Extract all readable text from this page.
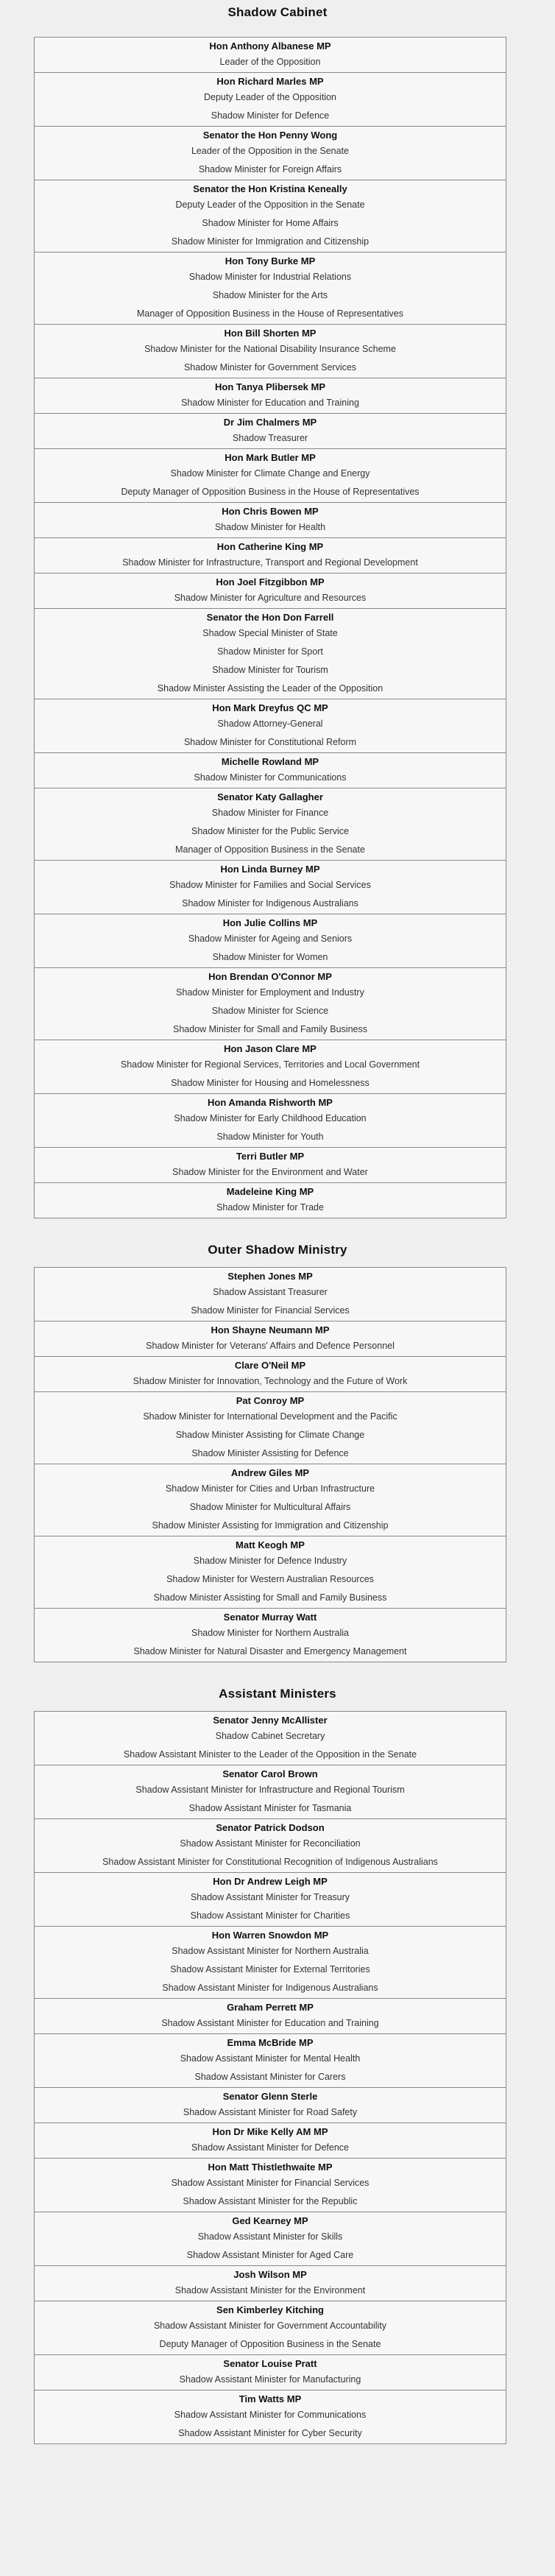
Shadow Cabinet
Hon Anthony Albanese MP
Leader of the Opposition

Hon Richard Marles MP
Deputy Leader of the Opposition
Shadow Minister for Defence

Senator the Hon Penny Wong
Leader of the Opposition in the Senate
Shadow Minister for Foreign Affairs

Senator the Hon Kristina Keneally
Deputy Leader of the Opposition in the Senate
Shadow Minister for Home Affairs
Shadow Minister for Immigration and Citizenship

Hon Tony Burke MP
Shadow Minister for Industrial Relations
Shadow Minister for the Arts
Manager of Opposition Business in the House of Representatives

Hon Bill Shorten MP
Shadow Minister for the National Disability Insurance Scheme
Shadow Minister for Government Services

Hon Tanya Plibersek MP
Shadow Minister for Education and Training

Dr Jim Chalmers MP
Shadow Treasurer

Hon Mark Butler MP
Shadow Minister for Climate Change and Energy
Deputy Manager of Opposition Business in the House of Representatives

Hon Chris Bowen MP
Shadow Minister for Health

Hon Catherine King MP
Shadow Minister for Infrastructure, Transport and Regional Development

Hon Joel Fitzgibbon MP
Shadow Minister for Agriculture and Resources

Senator the Hon Don Farrell
Shadow Special Minister of State
Shadow Minister for Sport
Shadow Minister for Tourism
Shadow Minister Assisting the Leader of the Opposition

Hon Mark Dreyfus QC MP
Shadow Attorney-General
Shadow Minister for Constitutional Reform

Michelle Rowland MP
Shadow Minister for Communications

Senator Katy Gallagher
Shadow Minister for Finance
Shadow Minister for the Public Service
Manager of Opposition Business in the Senate

Hon Linda Burney MP
Shadow Minister for Families and Social Services
Shadow Minister for Indigenous Australians

Hon Julie Collins MP
Shadow Minister for Ageing and Seniors
Shadow Minister for Women

Hon Brendan O'Connor MP
Shadow Minister for Employment and Industry
Shadow Minister for Science
Shadow Minister for Small and Family Business

Hon Jason Clare MP
Shadow Minister for Regional Services, Territories and Local Government
Shadow Minister for Housing and Homelessness

Hon Amanda Rishworth MP
Shadow Minister for Early Childhood Education
Shadow Minister for Youth

Terri Butler MP
Shadow Minister for the Environment and Water

Madeleine King MP
Shadow Minister for Trade
Outer Shadow Ministry
Stephen Jones MP
Shadow Assistant Treasurer
Shadow Minister for Financial Services

Hon Shayne Neumann MP
Shadow Minister for Veterans' Affairs and Defence Personnel

Clare O'Neil MP
Shadow Minister for Innovation, Technology and the Future of Work

Pat Conroy MP
Shadow Minister for International Development and the Pacific
Shadow Minister Assisting for Climate Change
Shadow Minister Assisting for Defence

Andrew Giles MP
Shadow Minister for Cities and Urban Infrastructure
Shadow Minister for Multicultural Affairs
Shadow Minister Assisting for Immigration and Citizenship

Matt Keogh MP
Shadow Minister for Defence Industry
Shadow Minister for Western Australian Resources
Shadow Minister Assisting for Small and Family Business

Senator Murray Watt
Shadow Minister for Northern Australia
Shadow Minister for Natural Disaster and Emergency Management
Assistant Ministers
Senator Jenny McAllister
Shadow Cabinet Secretary
Shadow Assistant Minister to the Leader of the Opposition in the Senate

Senator Carol Brown
Shadow Assistant Minister for Infrastructure and Regional Tourism
Shadow Assistant Minister for Tasmania

Senator Patrick Dodson
Shadow Assistant Minister for Reconciliation
Shadow Assistant Minister for Constitutional Recognition of Indigenous Australians

Hon Dr Andrew Leigh MP
Shadow Assistant Minister for Treasury
Shadow Assistant Minister for Charities

Hon Warren Snowdon MP
Shadow Assistant Minister for Northern Australia
Shadow Assistant Minister for External Territories
Shadow Assistant Minister for Indigenous Australians

Graham Perrett MP
Shadow Assistant Minister for Education and Training

Emma McBride MP
Shadow Assistant Minister for Mental Health
Shadow Assistant Minister for Carers

Senator Glenn Sterle
Shadow Assistant Minister for Road Safety

Hon Dr Mike Kelly AM MP
Shadow Assistant Minister for Defence

Hon Matt Thistlethwaite MP
Shadow Assistant Minister for Financial Services
Shadow Assistant Minister for the Republic

Ged Kearney MP
Shadow Assistant Minister for Skills
Shadow Assistant Minister for Aged Care

Josh Wilson MP
Shadow Assistant Minister for the Environment

Sen Kimberley Kitching
Shadow Assistant Minister for Government Accountability
Deputy Manager of Opposition Business in the Senate

Senator Louise Pratt
Shadow Assistant Minister for Manufacturing

Tim Watts MP
Shadow Assistant Minister for Communications
Shadow Assistant Minister for Cyber Security
